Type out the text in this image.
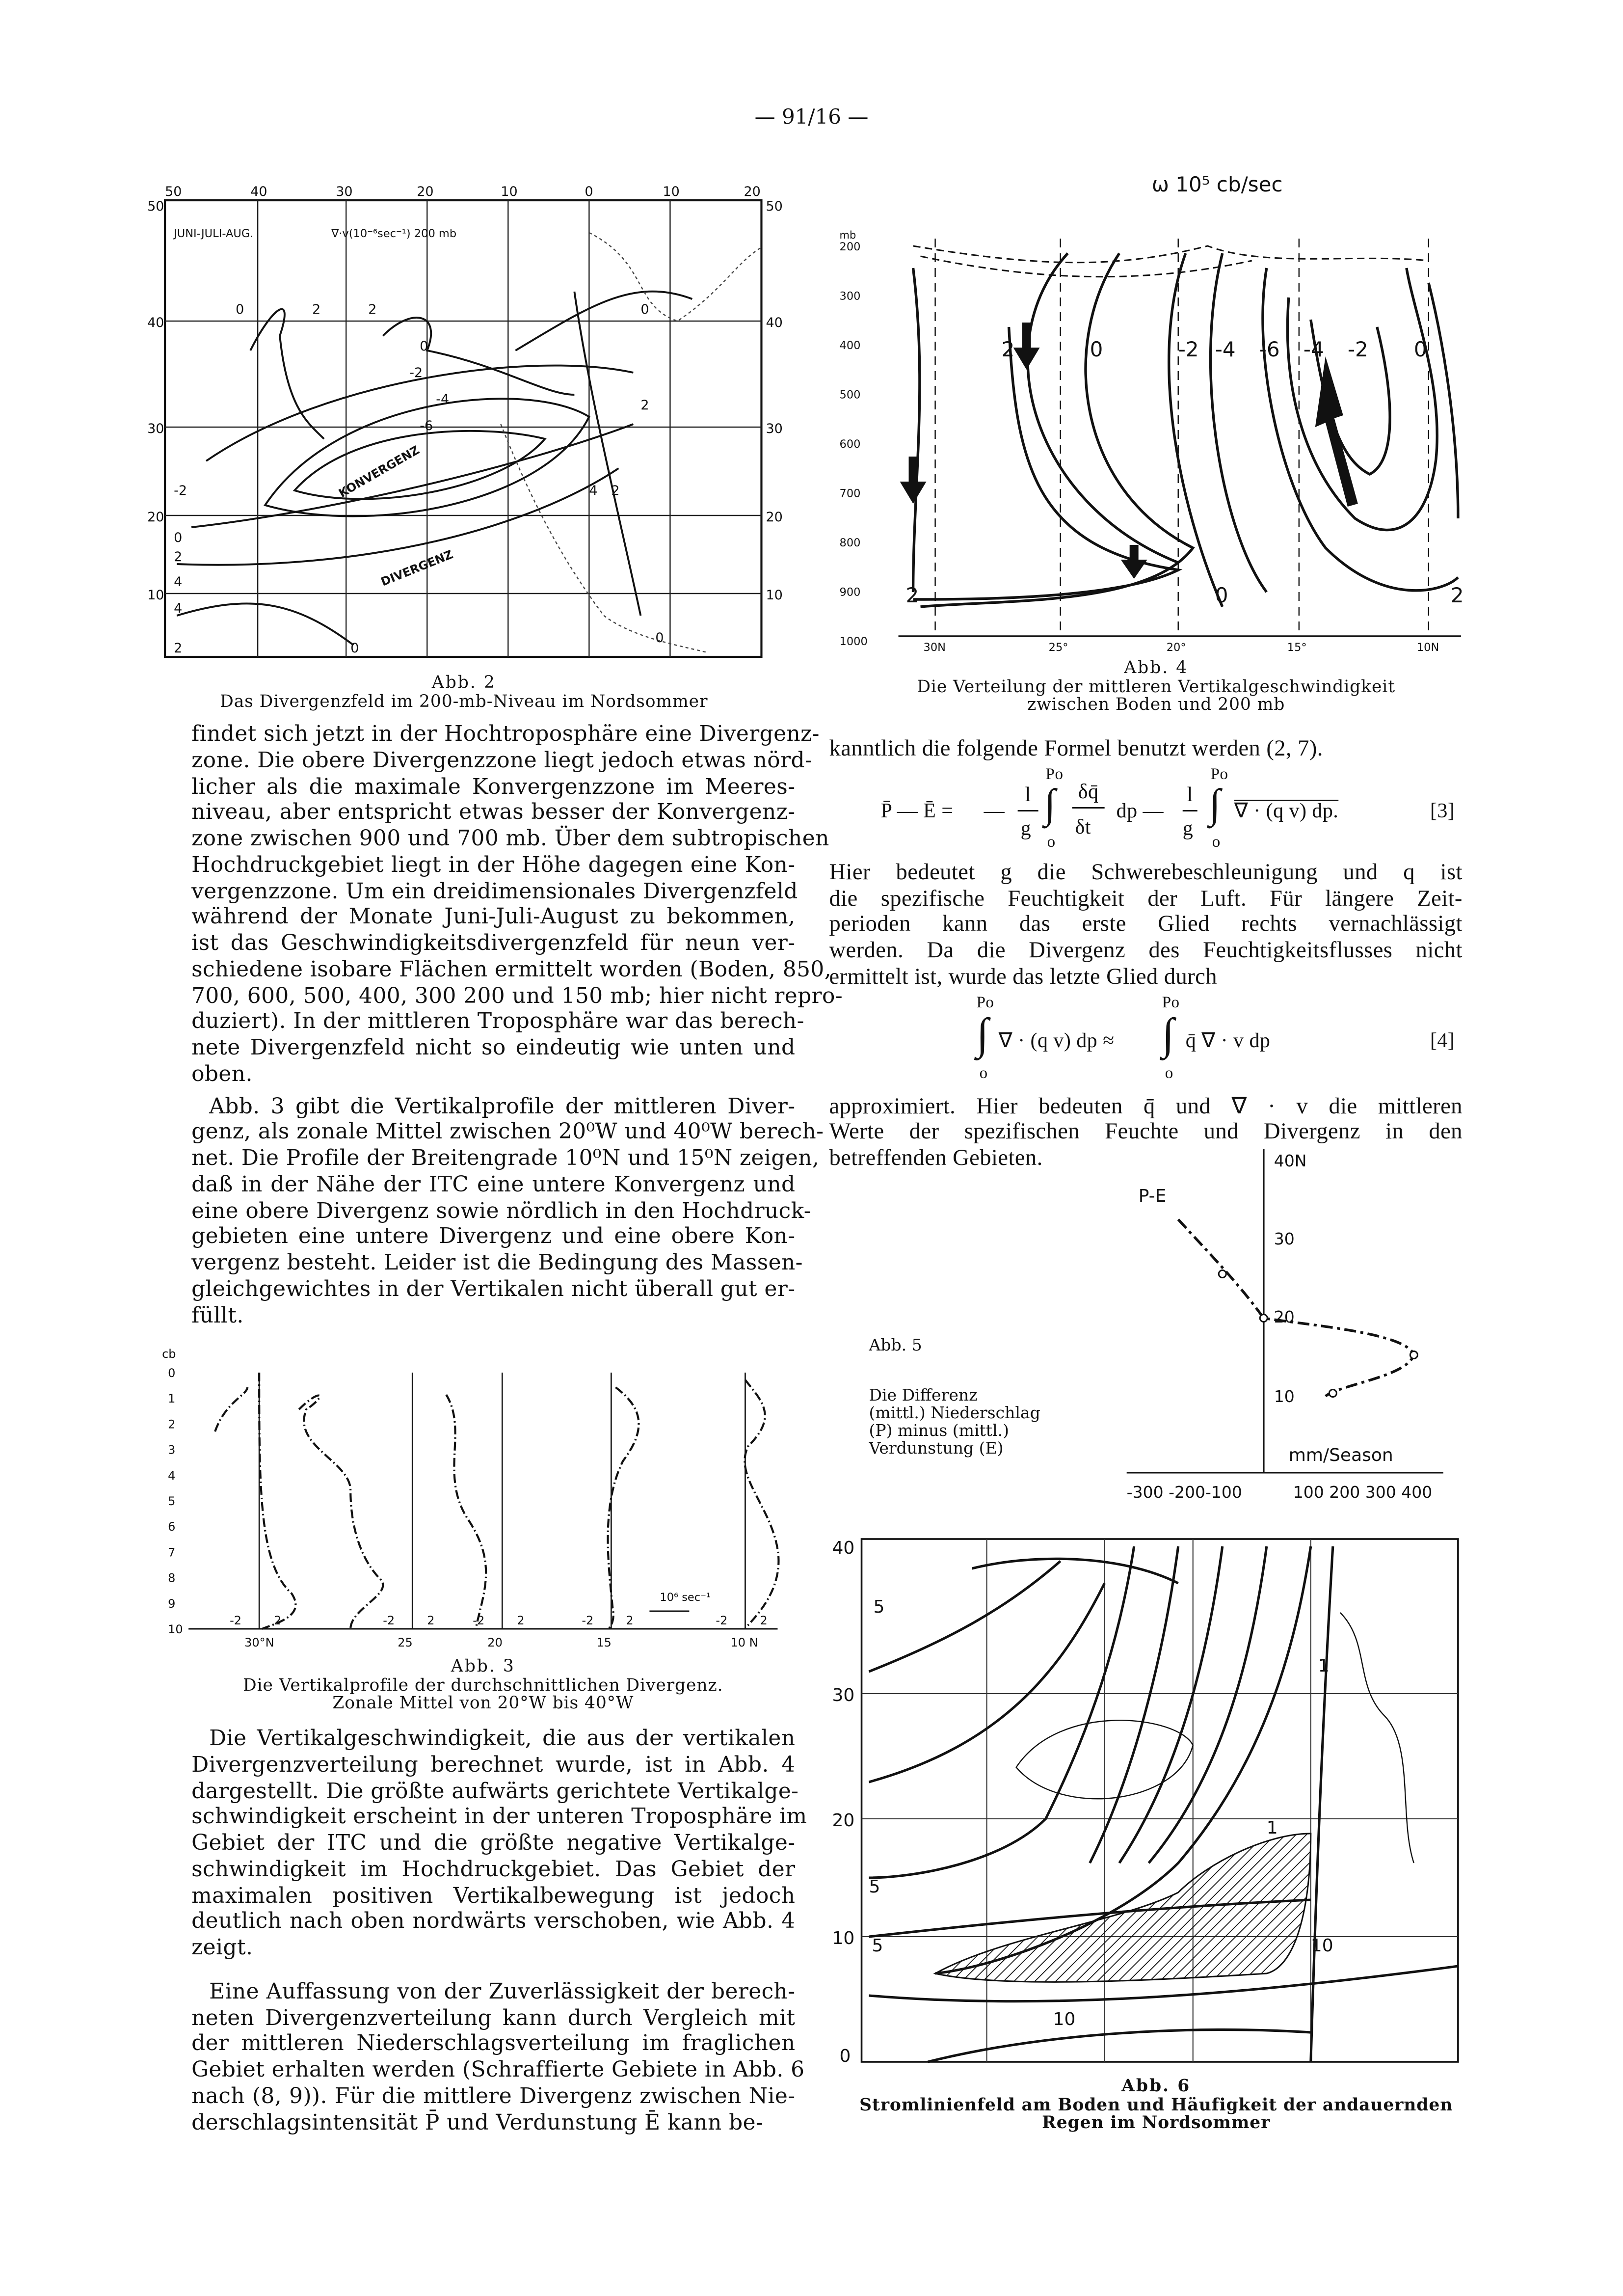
— 91/16 —
JUNI-JULI-AUG.	∇·v(10⁻⁶sec⁻¹) 200 mb
KONVERGENZ
DIVERGENZ
50	40	30	20	10	0	10	20
50
40
30
20
10
50
40
30
20
10
0	2	2
0
-2
-4
-6
0
2
4	2
-2
0
2
4
4
2	0
0
Abb. 2
Das Divergenzfeld im 200-mb-Niveau im Nordsommer
findet sich jetzt in der Hochtroposphäre eine Divergenz-
zone. Die obere Divergenzzone liegt jedoch etwas nörd-
licher als die maximale Konvergenzzone im Meeres-
niveau, aber entspricht etwas besser der Konvergenz-
zone zwischen 900 und 700 mb. Über dem subtropischen
Hochdruckgebiet liegt in der Höhe dagegen eine Kon-
vergenzzone. Um ein dreidimensionales Divergenzfeld
während der Monate Juni-Juli-August zu bekommen,
ist das Geschwindigkeitsdivergenzfeld für neun ver-
schiedene isobare Flächen ermittelt worden (Boden, 850,
700, 600, 500, 400, 300 200 und 150 mb; hier nicht repro-
duziert). In der mittleren Troposphäre war das berech-
nete Divergenzfeld nicht so eindeutig wie unten und
oben.
Abb. 3 gibt die Vertikalprofile der mittleren Diver-
genz, als zonale Mittel zwischen 20⁰W und 40⁰W berech-
net. Die Profile der Breitengrade 10⁰N und 15⁰N zeigen,
daß in der Nähe der ITC eine untere Konvergenz und
eine obere Divergenz sowie nördlich in den Hochdruck-
gebieten eine untere Divergenz und eine obere Kon-
vergenz besteht. Leider ist die Bedingung des Massen-
gleichgewichtes in der Vertikalen nicht überall gut er-
füllt.
cb
0
1
2
3
4
5
6
7
8
9
10
30°N	25	20	15	10 N
-2	2	-2	2	-2	2	-2	2	-2	2
10⁶ sec⁻¹
Abb. 3
Die Vertikalprofile der durchschnittlichen Divergenz.
Zonale Mittel von 20°W bis 40°W
Die Vertikalgeschwindigkeit, die aus der vertikalen
Divergenzverteilung berechnet wurde, ist in Abb. 4
dargestellt. Die größte aufwärts gerichtete Vertikalge-
schwindigkeit erscheint in der unteren Troposphäre im
Gebiet der ITC und die größte negative Vertikalge-
schwindigkeit im Hochdruckgebiet. Das Gebiet der
maximalen positiven Vertikalbewegung ist jedoch
deutlich nach oben nordwärts verschoben, wie Abb. 4
zeigt.
Eine Auffassung von der Zuverlässigkeit der berech-
neten Divergenzverteilung kann durch Vergleich mit
der mittleren Niederschlagsverteilung im fraglichen
Gebiet erhalten werden (Schraffierte Gebiete in Abb. 6
nach (8, 9)). Für die mittlere Divergenz zwischen Nie-
derschlagsintensität P̄ und Verdunstung Ē kann be-
ω 10⁵ cb/sec
mb
200
300
400
500
600
700
800
900
1000
2	0	-2 -4	-6	-4	-2	0
2	0	2
30N	25°	20°	15°	10N
Abb. 4
Die Verteilung der mittleren Vertikalgeschwindigkeit
zwischen Boden und 200 mb
kanntlich die folgende Formel benutzt werden (2, 7).
P̄ — Ē =	—
l
g
Po
∫
o
δq̄
δt
dp —
l
g
Po
∫
o
∇ · (q v) dp.	[3]
Hier bedeutet g die Schwerebeschleunigung und q ist
die spezifische Feuchtigkeit der Luft. Für längere Zeit-
perioden kann das erste Glied rechts vernachlässigt
werden. Da die Divergenz des Feuchtigkeitsflusses nicht
ermittelt ist, wurde das letzte Glied durch
Po
∫
o
∇ · (q v) dp ≈
Po
∫
o
q̄ ∇ · v dp	[4]
approximiert. Hier bedeuten q̄ und ∇ · v die mittleren
Werte der spezifischen Feuchte und Divergenz in den
betreffenden Gebieten.	40N
30
20
10
P-E
mm/Season
-300 -200-100	100 200 300 400
Abb. 5
Die Differenz
(mittl.) Niederschlag
(P) minus (mittl.)
Verdunstung (E)
40
30
20
10
0
5
5
5
10
10
1
1
Abb. 6
Stromlinienfeld am Boden und Häufigkeit der andauernden
Regen im Nordsommer
